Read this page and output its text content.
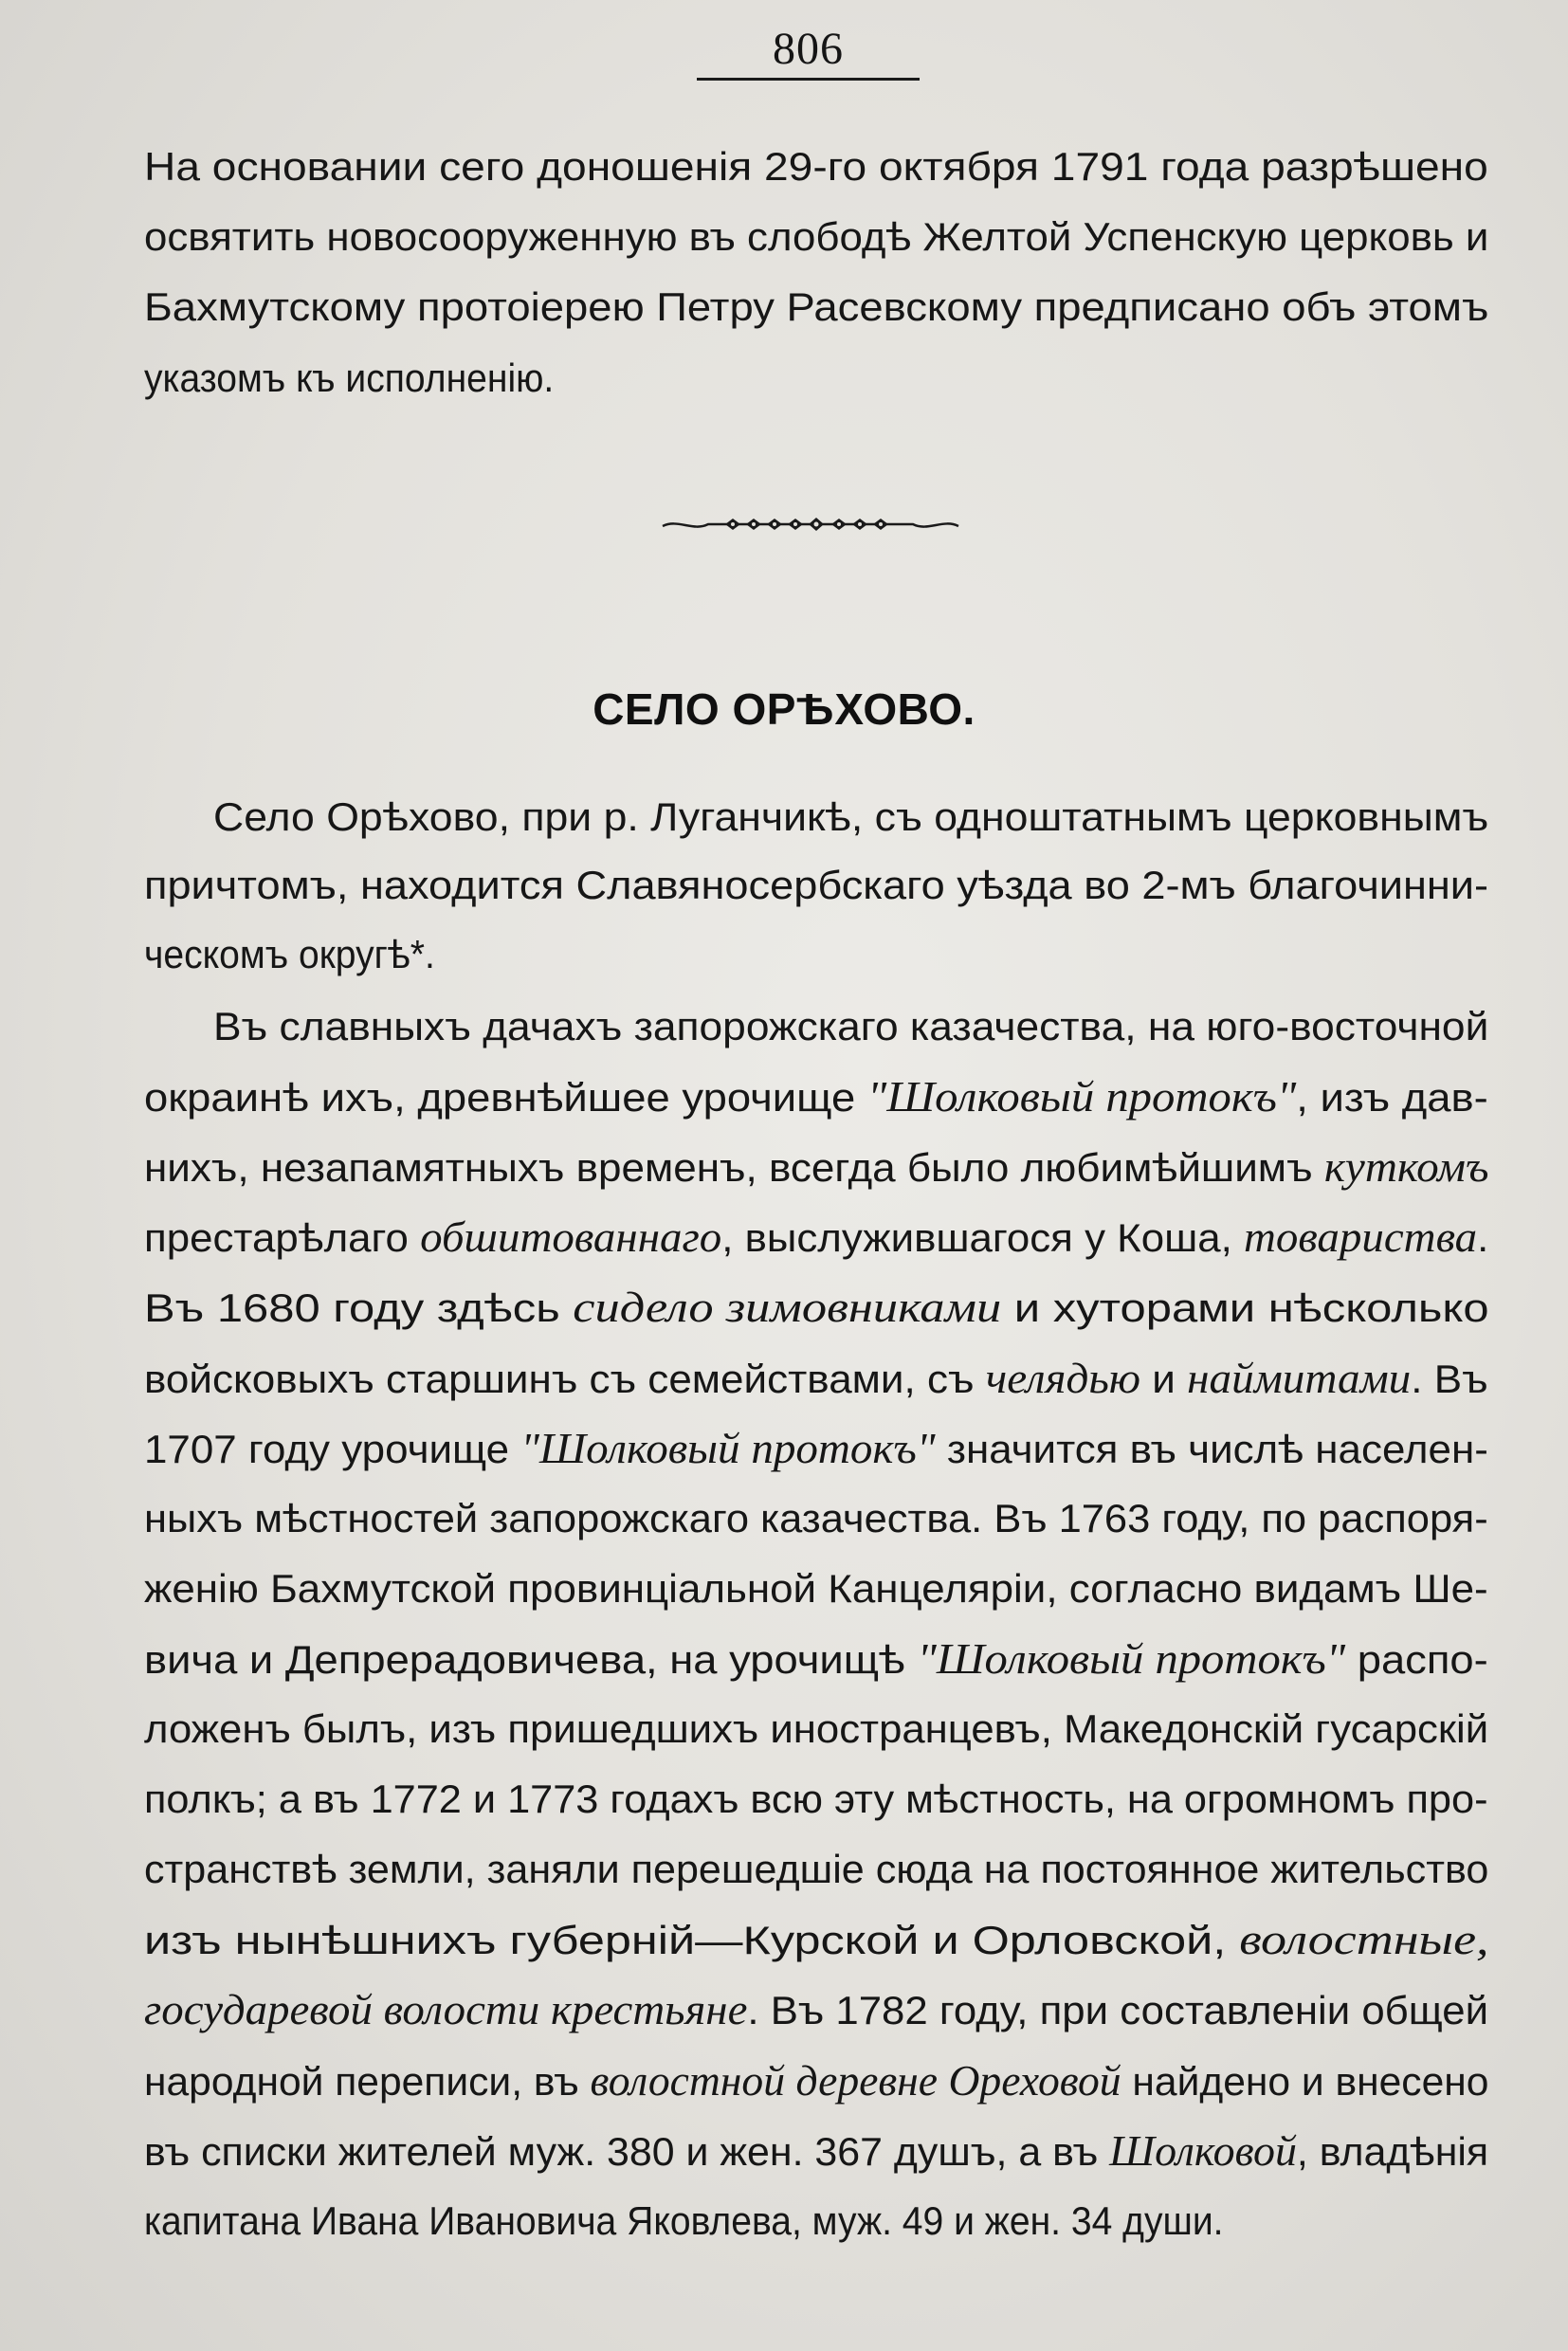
806
На основании сего доношенія 29-го октября 1791 года разрѣшено
освятить новосооруженную въ слободѣ Желтой Успенскую церковь и
Бахмутскому протоіерею Петру Расевскому предписано объ этомъ
указомъ къ исполненію.
СЕЛО ОРѢХОВО.
Село Орѣхово, при р. Луганчикѣ, съ одноштатнымъ церковнымъ
причтомъ, находится Славяносербскаго уѣзда во 2-мъ благочинни-
ческомъ округѣ*.
Въ славныхъ дачахъ запорожскаго казачества, на юго-восточной
окраинѣ ихъ, древнѣйшее урочище "Шолковый протокъ", изъ дав-
нихъ, незапамятныхъ временъ, всегда было любимѣйшимъ куткомъ
престарѣлаго обшитованнаго, выслужившагося у Коша, товариства.
Въ 1680 году здѣсь сидело зимовниками и хуторами нѣсколько
войсковыхъ старшинъ съ семействами, съ челядью и наймитами. Въ
1707 году урочище "Шолковый протокъ" значится въ числѣ населен-
ныхъ мѣстностей запорожскаго казачества. Въ 1763 году, по распоря-
женію Бахмутской провинціальной Канцеляріи, согласно видамъ Ше-
вича и Депрерадовичева, на урочищѣ "Шолковый протокъ" распо-
ложенъ былъ, изъ пришедшихъ иностранцевъ, Македонскій гусарскій
полкъ; а въ 1772 и 1773 годахъ всю эту мѣстность, на огромномъ про-
странствѣ земли, заняли перешедшіе сюда на постоянное жительство
изъ нынѣшнихъ губерній—Курской и Орловской, волостные,
государевой волости крестьяне. Въ 1782 году, при составленіи общей
народной переписи, въ волостной деревне Ореховой найдено и внесено
въ списки жителей муж. 380 и жен. 367 душъ, а въ Шолковой, владѣнія
капитана Ивана Ивановича Яковлева, муж. 49 и жен. 34 души.
